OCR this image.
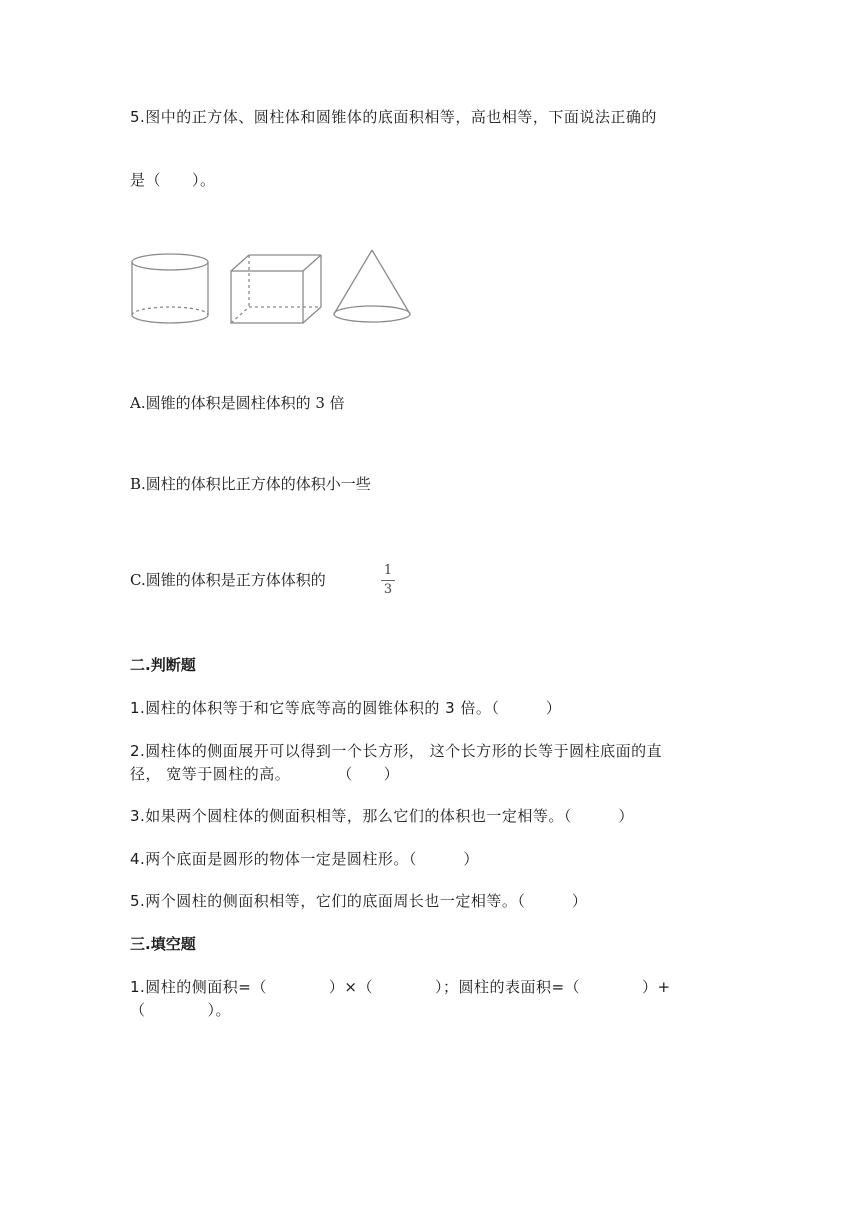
5.图中的正方体、圆柱体和圆锥体的底面积相等，高也相等，下面说法正确的
是（　　）。
A.圆锥的体积是圆柱体积的 3 倍
B.圆柱的体积比正方体的体积小一些
C.圆锥的体积是正方体体积的
1
3
二.判断题
1.圆柱的体积等于和它等底等高的圆锥体积的 3 倍。（　　　）
2.圆柱体的侧面展开可以得到一个长方形， 这个长方形的长等于圆柱底面的直
径， 宽等于圆柱的高。　　　　（　　）
3.如果两个圆柱体的侧面积相等，那么它们的体积也一定相等。（　　　）
4.两个底面是圆形的物体一定是圆柱形。（　　　）
5.两个圆柱的侧面积相等，它们的底面周长也一定相等。（　　　）
三.填空题
1.圆柱的侧面积=（　　　　）×（　　　　）；圆柱的表面积=（　　　　）+
（　　　　）。
